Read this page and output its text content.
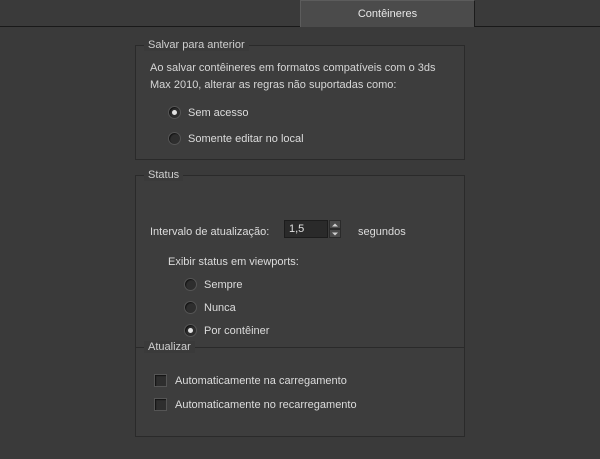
Contêineres
Salvar para anterior
Ao salvar contêineres em formatos compatíveis com o 3ds Max 2010, alterar as regras não suportadas como:
Sem acesso
Somente editar no local
Status
Intervalo de atualização:
1,5	segundos
Exibir status em viewports:
Sempre
Nunca
Por contêiner
Atualizar
Automaticamente na carregamento
Automaticamente no recarregamento
